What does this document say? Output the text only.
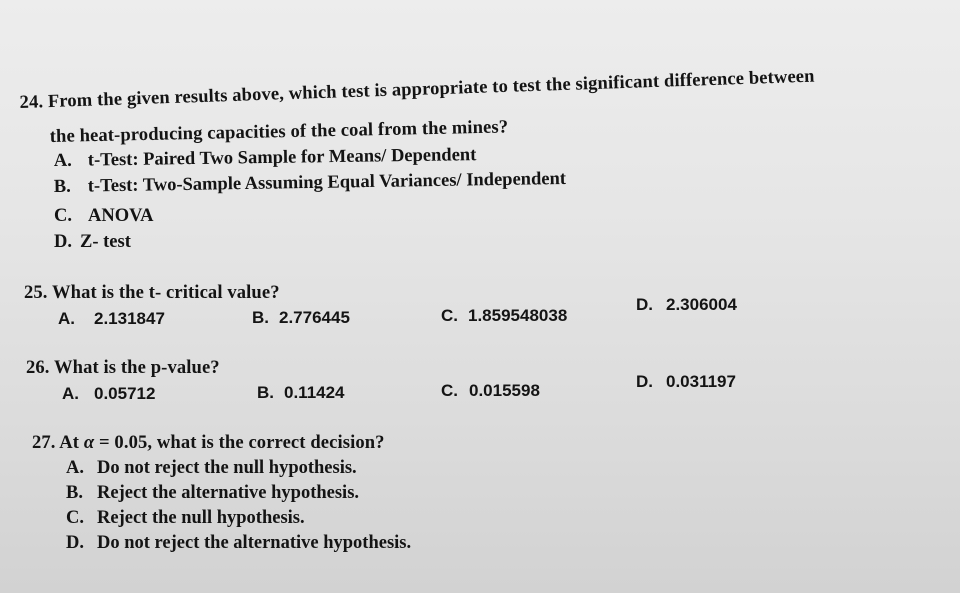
24. From the given results above, which test is appropriate to test the significant difference between
the heat-producing capacities of the coal from the mines?
A. t-Test: Paired Two Sample for Means/ Dependent
B. t-Test: Two-Sample Assuming Equal Variances/ Independent
C. ANOVA
D. Z- test
25. What is the t- critical value?
A. 2.131847	B. 2.776445	C. 1.859548038
D. 2.306004
26. What is the p-value?
A. 0.05712	B. 0.11424	C. 0.015598	D. 0.031197
27. At α = 0.05, what is the correct decision?
A. Do not reject the null hypothesis.
B. Reject the alternative hypothesis.
C. Reject the null hypothesis.
D. Do not reject the alternative hypothesis.
